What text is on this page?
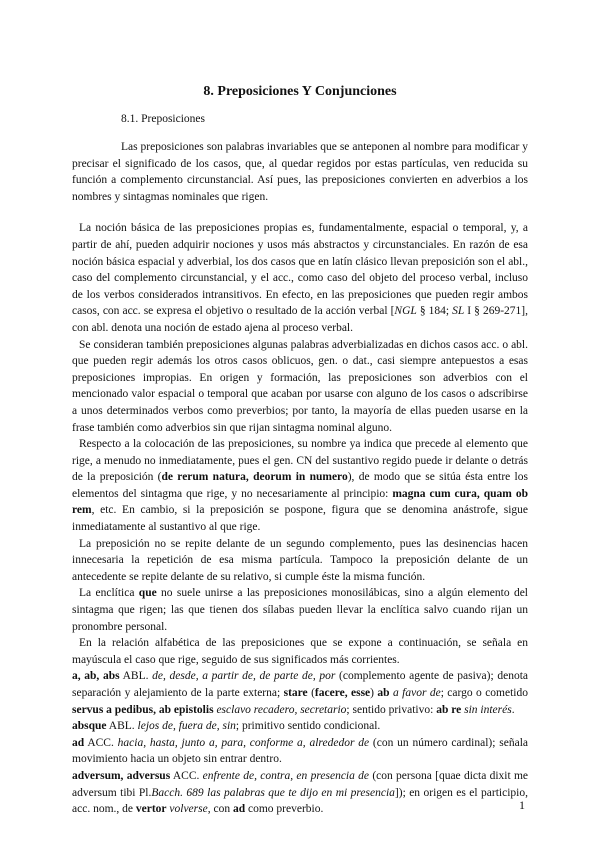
8. Preposiciones Y Conjunciones
8.1. Preposiciones

Las preposiciones son palabras invariables que se anteponen al nombre para modificar y precisar el significado de los casos, que, al quedar regidos por estas partículas, ven reducida su función a complemento circunstancial. Así pues, las preposiciones convierten en adverbios a los nombres y sintagmas nominales que rigen.

La noción básica de las preposiciones propias es, fundamentalmente, espacial o temporal, y, a partir de ahí, pueden adquirir nociones y usos más abstractos y circunstanciales. En razón de esa noción básica espacial y adverbial, los dos casos que en latín clásico llevan preposición son el abl., caso del complemento circunstancial, y el acc., como caso del objeto del proceso verbal, incluso de los verbos considerados intransitivos. En efecto, en las preposiciones que pueden regir ambos casos, con acc. se expresa el objetivo o resultado de la acción verbal [NGL § 184; SL I § 269-271], con abl. denota una noción de estado ajena al proceso verbal.

Se consideran también preposiciones algunas palabras adverbializadas en dichos casos acc. o abl. que pueden regir además los otros casos oblicuos, gen. o dat., casi siempre antepuestos a esas preposiciones impropias. En origen y formación, las preposiciones son adverbios con el mencionado valor espacial o temporal que acaban por usarse con alguno de los casos o adscribirse a unos determinados verbos como preverbios; por tanto, la mayoría de ellas pueden usarse en la frase también como adverbios sin que rijan sintagma nominal alguno.

Respecto a la colocación de las preposiciones, su nombre ya indica que precede al elemento que rige, a menudo no inmediatamente, pues el gen. CN del sustantivo regido puede ir delante o detrás de la preposición (de rerum natura, deorum in numero), de modo que se sitúa ésta entre los elementos del sintagma que rige, y no necesariamente al principio: magna cum cura, quam ob rem, etc. En cambio, si la preposición se pospone, figura que se denomina anástrofe, sigue inmediatamente al sustantivo al que rige.

La preposición no se repite delante de un segundo complemento, pues las desinencias hacen innecesaria la repetición de esa misma partícula. Tampoco la preposición delante de un antecedente se repite delante de su relativo, si cumple éste la misma función.

La enclítica que no suele unirse a las preposiciones monosilábicas, sino a algún elemento del sintagma que rigen; las que tienen dos sílabas pueden llevar la enclítica salvo cuando rijan un pronombre personal.

En la relación alfabética de las preposiciones que se expone a continuación, se señala en mayúscula el caso que rige, seguido de sus significados más corrientes.

a, ab, abs ABL. de, desde, a partir de, de parte de, por (complemento agente de pasiva); denota separación y alejamiento de la parte externa; stare (facere, esse) ab a favor de; cargo o cometido servus a pedibus, ab epistolis esclavo recadero, secretario; sentido privativo: ab re sin interés.

absque ABL. lejos de, fuera de, sin; primitivo sentido condicional.

ad ACC. hacia, hasta, junto a, para, conforme a, alrededor de (con un número cardinal); señala movimiento hacia un objeto sin entrar dentro.

adversum, adversus ACC. enfrente de, contra, en presencia de (con persona [quae dicta dixit me adversum tibi Pl.Bacch. 689 las palabras que te dijo en mi presencia]); en origen es el participio, acc. nom., de vertor volverse, con ad como preverbio.	1
